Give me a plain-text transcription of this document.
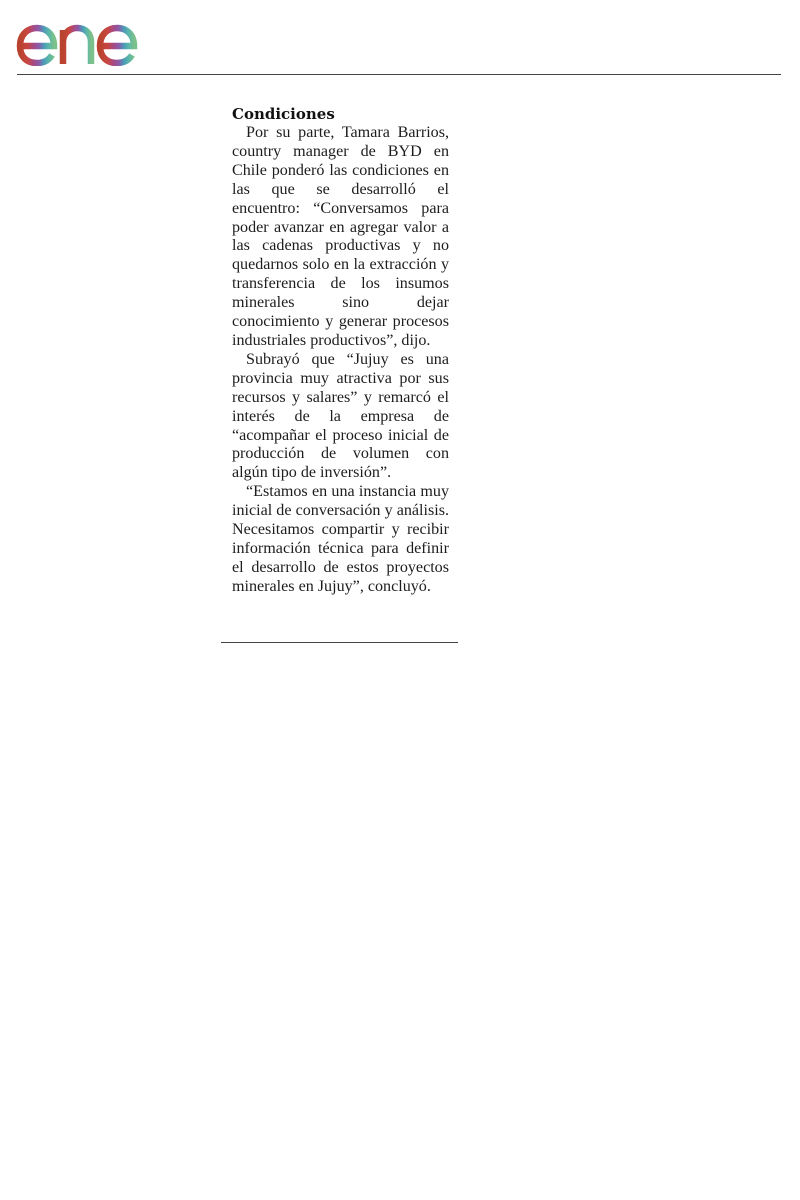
Condiciones

Por su parte, Tamara Barrios, country manager de BYD en Chile ponderó las condiciones en las que se desarrolló el encuentro: “Conversamos para poder avanzar en agregar valor a las cadenas productivas y no quedarnos solo en la extracción y transferencia de los insumos minerales sino dejar conocimiento y generar procesos industriales productivos”, dijo.

Subrayó que “Jujuy es una provincia muy atractiva por sus recursos y salares” y remarcó el interés de la empresa de “acompañar el proceso inicial de producción de volumen con algún tipo de inversión”.

“Estamos en una instancia muy inicial de conversación y análisis. Necesitamos compartir y recibir información técnica para definir el desarrollo de estos proyectos minerales en Jujuy”, concluyó.
